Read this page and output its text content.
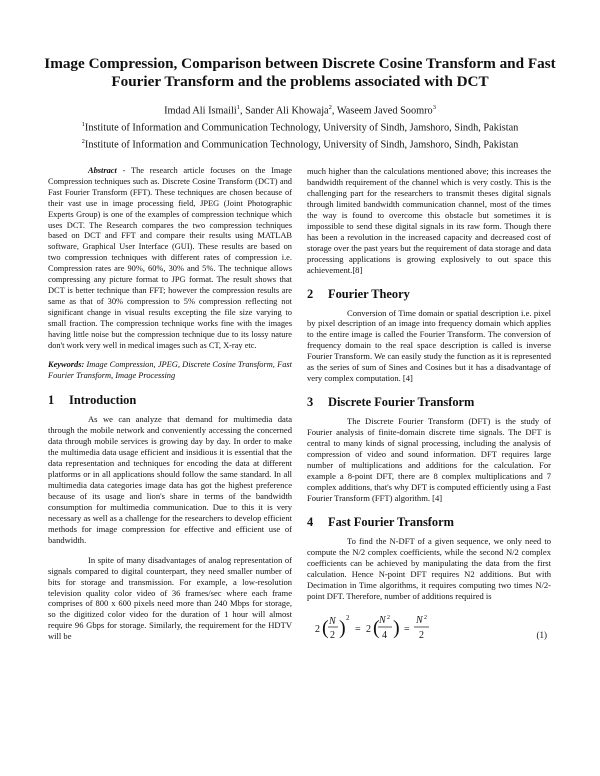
Image Compression, Comparison between Discrete Cosine Transform and Fast Fourier Transform and the problems associated with DCT
Imdad Ali Ismaili$^1$, Sander Ali Khowaja$^2$, Waseem Javed Soomro$^3$
$^1$Institute of Information and Communication Technology, University of Sindh, Jamshoro, Sindh, Pakistan
$^2$Institute of Information and Communication Technology, University of Sindh, Jamshoro, Sindh, Pakistan

Abstract - The research article focuses on the Image Compression techniques such as. Discrete Cosine Transform (DCT) and Fast Fourier Transform (FFT). These techniques are chosen because of their vast use in image processing field, JPEG (Joint Photographic Experts Group) is one of the examples of compression technique which uses DCT. The Research compares the two compression techniques based on DCT and FFT and compare their results using MATLAB software, Graphical User Interface (GUI). These results are based on two compression techniques with different rates of compression i.e. Compression rates are 90%, 60%, 30% and 5%. The technique allows compressing any picture format to JPG format. The result shows that DCT is better technique than FFT; however the compression results are same as that of 30% compression to 5% compression reflecting not significant change in visual results excepting the file size varying to small fraction. The compression technique works fine with the images having little noise but the compression technique due to its lossy nature don't work very well in medical images such as CT, X-ray etc.

Keywords: Image Compression, JPEG, Discrete Cosine Transform, Fast Fourier Transform, Image Processing

1 Introduction

As we can analyze that demand for multimedia data through the mobile network and conveniently accessing the concerned data through mobile services is growing day by day. In order to make the multimedia data usage efficient and insidious it is essential that the data representation and techniques for encoding the data at different platforms or in all applications should follow the same standard. In all multimedia data categories image data has got the highest preference because of its usage and lion's share in terms of the bandwidth consumption for multimedia communication. Due to this it is very necessary as well as a challenge for the researchers to develop efficient methods for image compression for effective and efficient use of bandwidth.

In spite of many disadvantages of analog representation of signals compared to digital counterpart, they need smaller number of bits for storage and transmission. For example, a low-resolution television quality color video of 36 frames/sec where each frame comprises of 800 x 600 pixels need more than 240 Mbps for storage, so the digitized color video for the duration of 1 hour will almost require 96 Gbps for storage. Similarly, the requirement for the HDTV will be

much higher than the calculations mentioned above; this increases the bandwidth requirement of the channel which is very costly. This is the challenging part for the researchers to transmit theses digital signals through limited bandwidth communication channel, most of the times the way is found to overcome this obstacle but sometimes it is impossible to send these digital signals in its raw form. Though there has been a revolution in the increased capacity and decreased cost of storage over the past years but the requirement of data storage and data processing applications is growing explosively to out space this achievement.[8]

2 Fourier Theory

Conversion of Time domain or spatial description i.e. pixel by pixel description of an image into frequency domain which applies to the entire image is called the Fourier Transform. The conversion of frequency domain to the real space description is called is inverse Fourier Transform. We can easily study the function as it is represented as the series of sum of Sines and Cosines but it has a disadvantage of very complex computation. [4]

3 Discrete Fourier Transform

The Discrete Fourier Transform (DFT) is the study of Fourier analysis of finite-domain discrete time signals. The DFT is central to many kinds of signal processing, including the analysis of compression of video and sound information. DFT requires large number of multiplications and additions for the calculation. For example a 8-point DFT, there are 8 complex multiplications and 7 complex additions, that's why DFT is computed efficiently using a Fast Fourier Transform (FFT) algorithm. [4]

4 Fast Fourier Transform

To find the N-DFT of a given sequence, we only need to compute the N/2 complex coefficients, while the second N/2 complex coefficients can be achieved by manipulating the data from the first calculation. Hence N-point DFT requires N2 additions. But with Decimation in Time algorithms, it requires computing two times N/2-point DFT. Therefore, number of additions required is

2 ( N
2 ) 2
= 2 ( N 2
4 ) =
N 2
2	(1)
